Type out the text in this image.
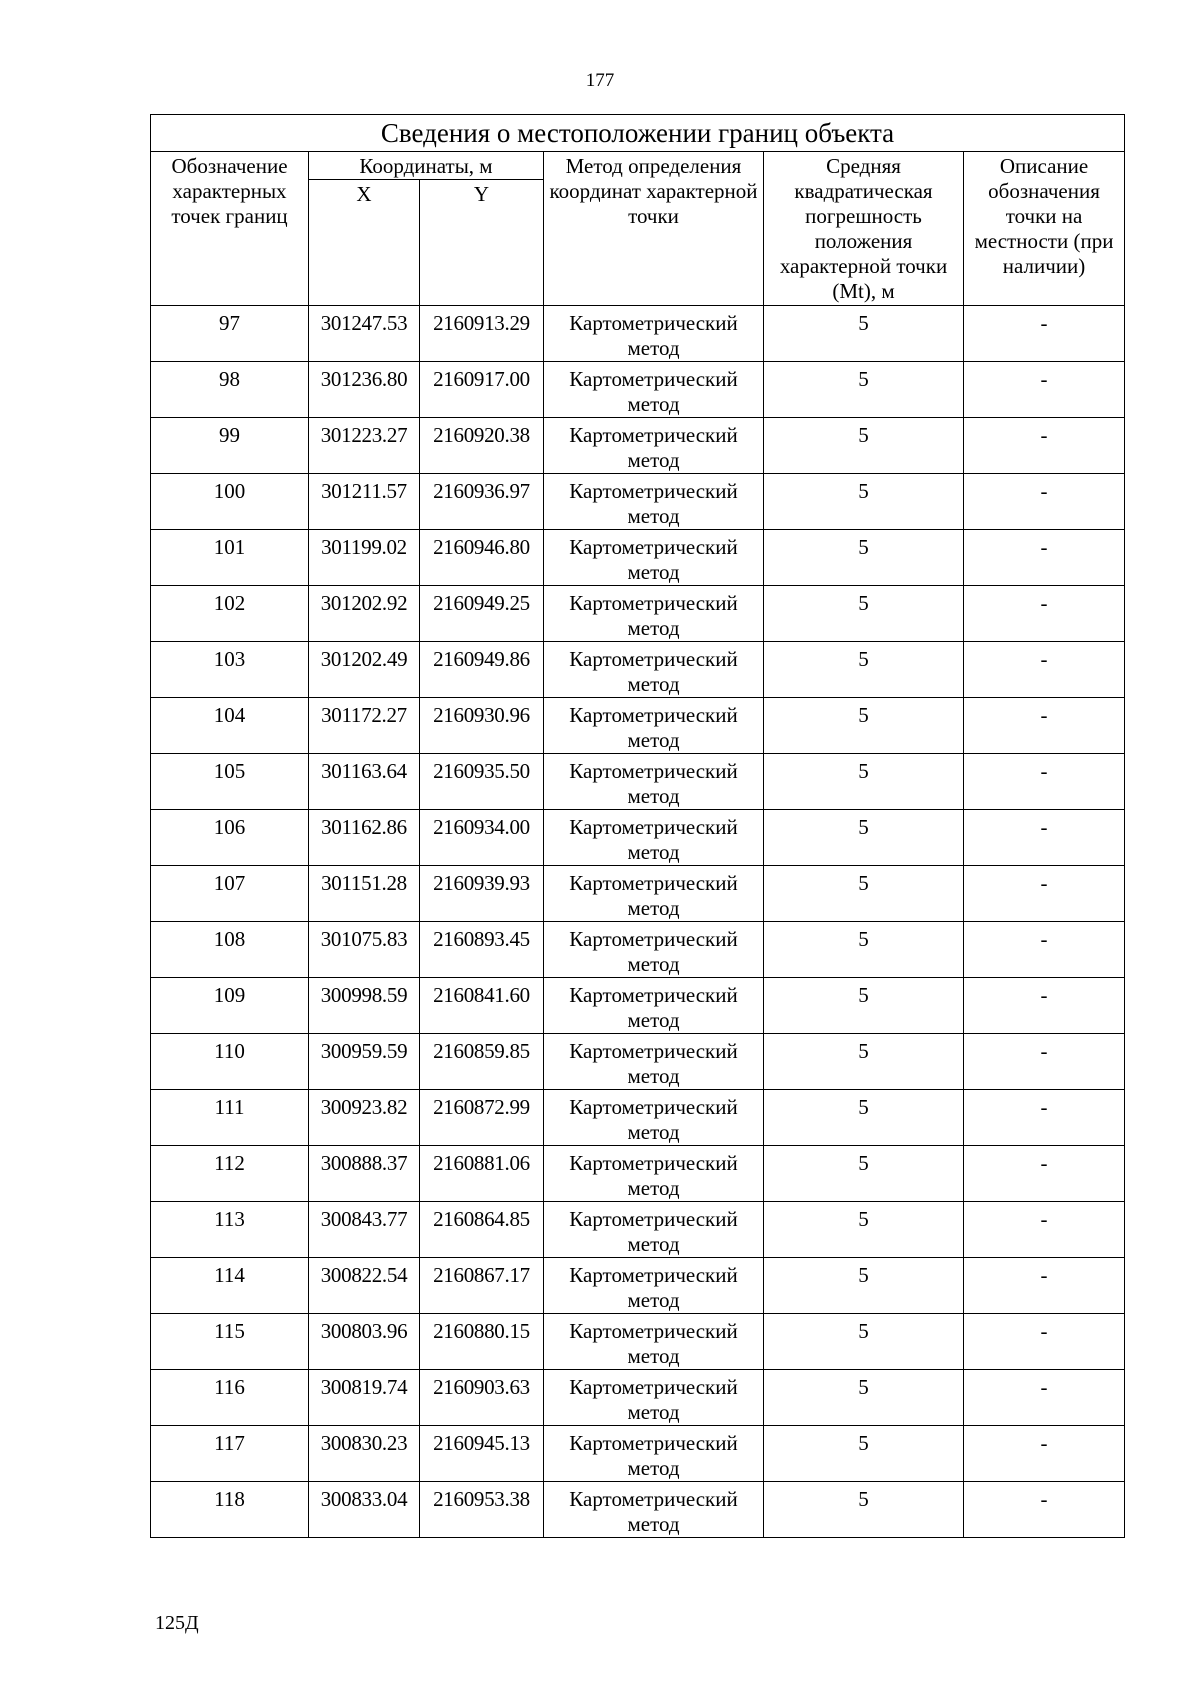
177
Сведения о местоположении границ объекта					
Обозначение характерных точек границ	Координаты, м		Метод определения координат характерной точки	Средняя квадратическая погрешность положения характерной точки (Mt), м	Описание обозначения точки на местности (при наличии)
	X	Y			
97	301247.53	2160913.29	Картометрический метод	5	-
98	301236.80	2160917.00	Картометрический метод	5	-
99	301223.27	2160920.38	Картометрический метод	5	-
100	301211.57	2160936.97	Картометрический метод	5	-
101	301199.02	2160946.80	Картометрический метод	5	-
102	301202.92	2160949.25	Картометрический метод	5	-
103	301202.49	2160949.86	Картометрический метод	5	-
104	301172.27	2160930.96	Картометрический метод	5	-
105	301163.64	2160935.50	Картометрический метод	5	-
106	301162.86	2160934.00	Картометрический метод	5	-
107	301151.28	2160939.93	Картометрический метод	5	-
108	301075.83	2160893.45	Картометрический метод	5	-
109	300998.59	2160841.60	Картометрический метод	5	-
110	300959.59	2160859.85	Картометрический метод	5	-
111	300923.82	2160872.99	Картометрический метод	5	-
112	300888.37	2160881.06	Картометрический метод	5	-
113	300843.77	2160864.85	Картометрический метод	5	-
114	300822.54	2160867.17	Картометрический метод	5	-
115	300803.96	2160880.15	Картометрический метод	5	-
116	300819.74	2160903.63	Картометрический метод	5	-
117	300830.23	2160945.13	Картометрический метод	5	-
118	300833.04	2160953.38	Картометрический метод	5	-
125Д
